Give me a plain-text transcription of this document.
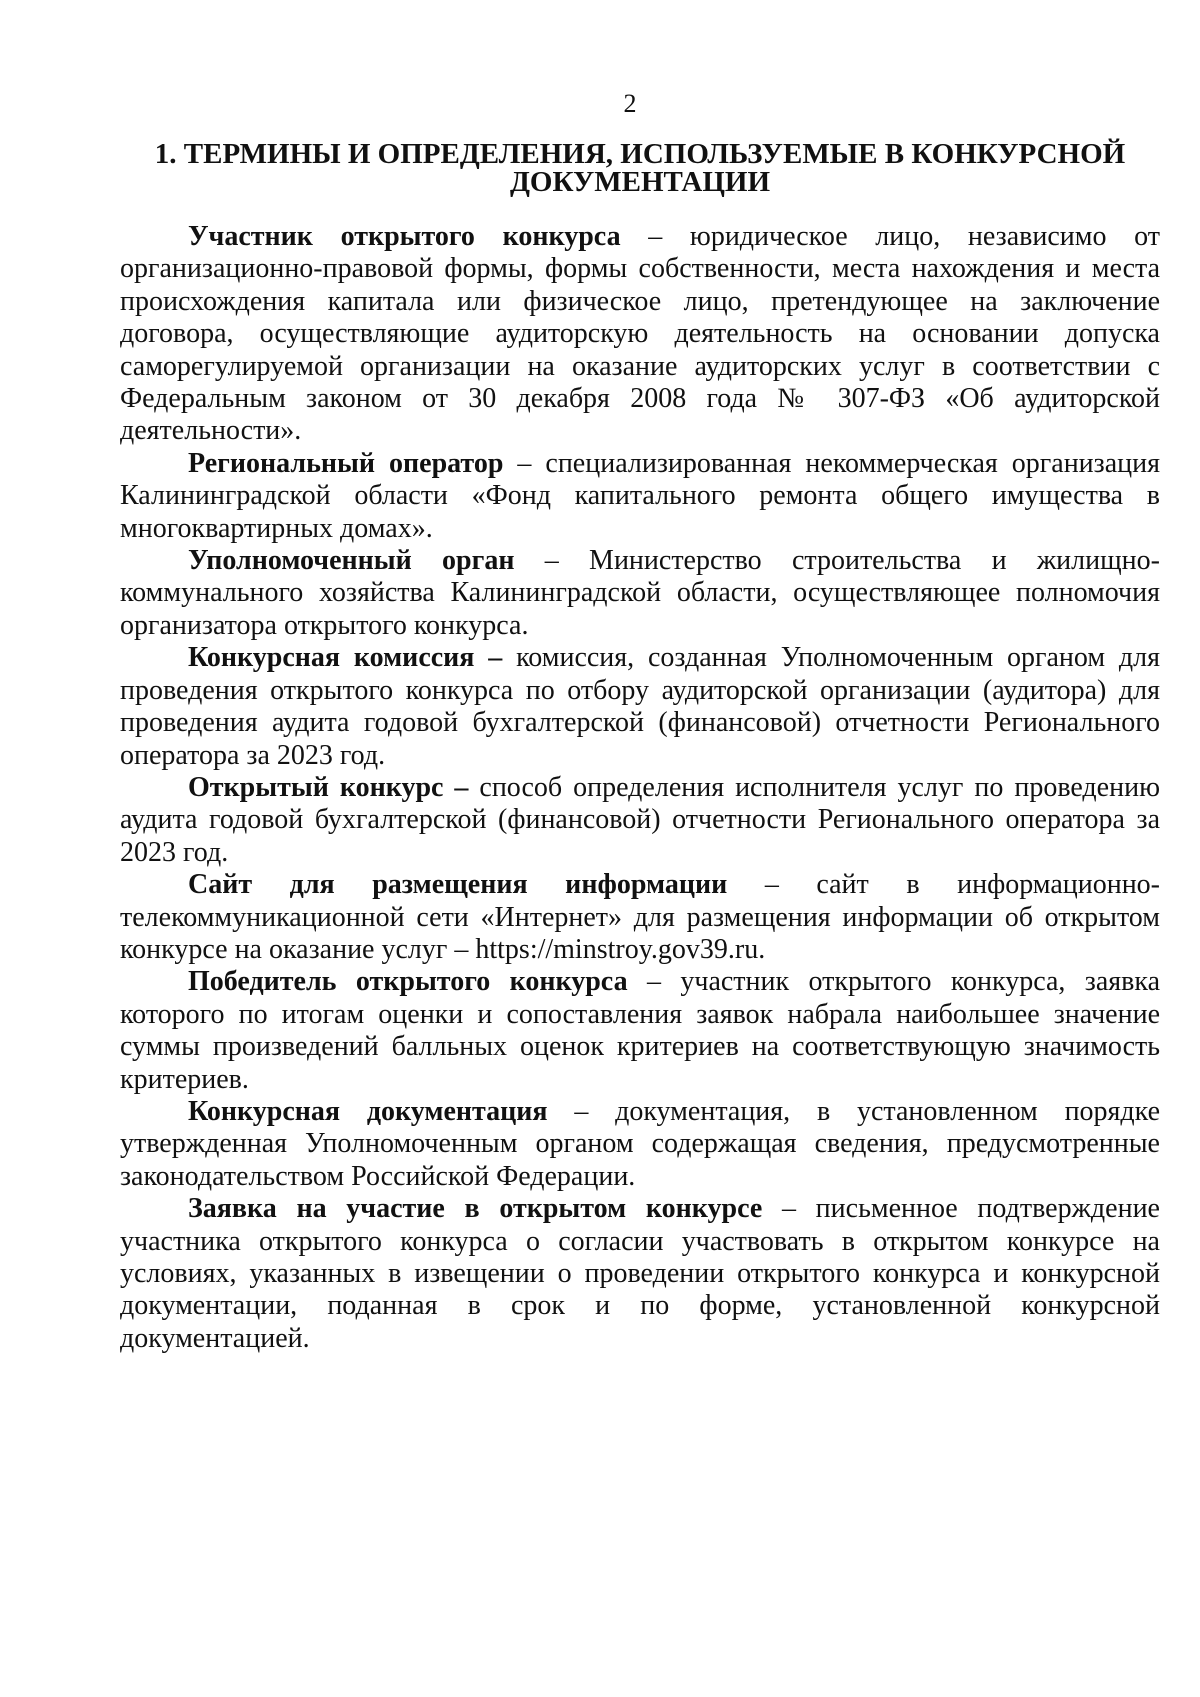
2
1. ТЕРМИНЫ И ОПРЕДЕЛЕНИЯ, ИСПОЛЬЗУЕМЫЕ В КОНКУРСНОЙ
ДОКУМЕНТАЦИИ

Участник открытого конкурса – юридическое лицо, независимо от организационно-правовой формы, формы собственности, места нахождения и места происхождения капитала или физическое лицо, претендующее на заключение договора, осуществляющие аудиторскую деятельность на основании допуска саморегулируемой организации на оказание аудиторских услуг в соответствии с Федеральным законом от 30 декабря 2008 года № 307-ФЗ «Об аудиторской деятельности».

Региональный оператор – специализированная некоммерческая организация Калининградской области «Фонд капитального ремонта общего имущества в многоквартирных домах».

Уполномоченный орган – Министерство строительства и жилищно-коммунального хозяйства Калининградской области, осуществляющее полномочия организатора открытого конкурса.

Конкурсная комиссия – комиссия, созданная Уполномоченным органом для проведения открытого конкурса по отбору аудиторской организации (аудитора) для проведения аудита годовой бухгалтерской (финансовой) отчетности Регионального оператора за 2023 год.

Открытый конкурс – способ определения исполнителя услуг по проведению аудита годовой бухгалтерской (финансовой) отчетности Регионального оператора за 2023 год.

Сайт для размещения информации – сайт в информационно-телекоммуникационной сети «Интернет» для размещения информации об открытом конкурсе на оказание услуг – https://minstroy.gov39.ru.

Победитель открытого конкурса – участник открытого конкурса, заявка которого по итогам оценки и сопоставления заявок набрала наибольшее значение суммы произведений балльных оценок критериев на соответствующую значимость критериев.

Конкурсная документация – документация, в установленном порядке утвержденная Уполномоченным органом содержащая сведения, предусмотренные законодательством Российской Федерации.

Заявка на участие в открытом конкурсе – письменное подтверждение участника открытого конкурса о согласии участвовать в открытом конкурсе на условиях, указанных в извещении о проведении открытого конкурса и конкурсной документации, поданная в срок и по форме, установленной конкурсной документацией.
